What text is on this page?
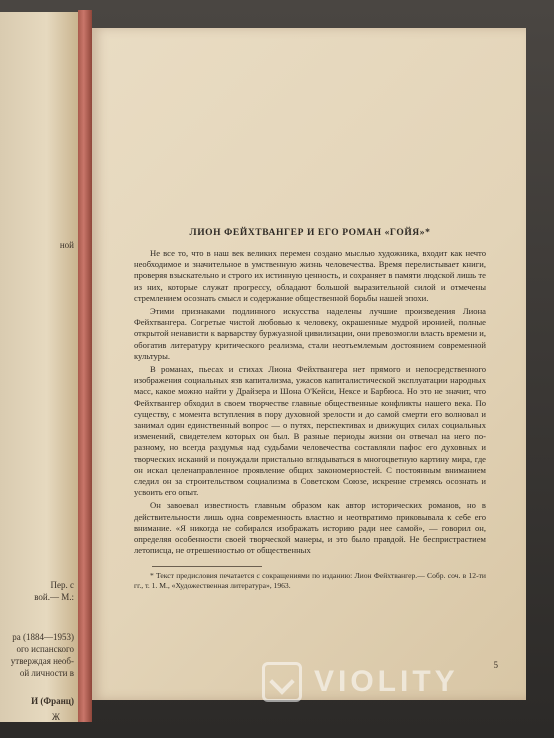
ной
Пер. с
вой.— М.:
ра (1884—1953)
ого испанского
утверждая необ-
ой личности в
И (Франц)
Ж
ЛИОН ФЕЙХТВАНГЕР И ЕГО РОМАН «ГОЙЯ»*

Не все то, что в наш век великих перемен создано мыслью художника, входит как нечто необходимое и значительное в умственную жизнь человечества. Время перелистывает книги, проверяя взыскательно и строго их истинную ценность, и сохраняет в памяти людской лишь те из них, которые служат прогрессу, обладают большой выразительной силой и отмечены стремлением осознать смысл и содержание общественной борьбы нашей эпохи.

Этими признаками подлинного искусства наделены лучшие произведения Лиона Фейхтвангера. Согретые чистой любовью к человеку, окрашенные мудрой иронией, полные открытой ненависти к варварству буржуазной цивилизации, они превозмогли власть времени и, обогатив литературу критического реализма, стали неотъемлемым достоянием современной культуры.

В романах, пьесах и стихах Лиона Фейхтвангера нет прямого и непосредственного изображения социальных язв капитализма, ужасов капиталистической эксплуатации народных масс, какое можно найти у Драйзера и Шона О'Кейси, Нексе и Барбюса. Но это не значит, что Фейхтвангер обходил в своем творчестве главные общественные конфликты нашего века. По существу, с момента вступления в пору духовной зрелости и до самой смерти его волновал и занимал один единственный вопрос — о путях, перспективах и движущих силах социальных изменений, свидетелем которых он был. В разные периоды жизни он отвечал на него по-разному, но всегда раздумья над судьбами человечества составляли пафос его духовных и творческих исканий и понуждали пристально вглядываться в многоцветную картину мира, где он искал целенаправленное проявление общих закономерностей. С постоянным вниманием следил он за строительством социализма в Советском Союзе, искренне стремясь осознать и усвоить его опыт.

Он завоевал известность главным образом как автор исторических романов, но в действительности лишь одна современность властно и неотвратимо приковывала к себе его внимание. «Я никогда не собирался изображать историю ради нее самой», — говорил он, определяя особенности своей творческой манеры, и это было правдой. Не беспристрастием летописца, не отрешенностью от общественных

* Текст предисловия печатается с сокращениями по изданию: Лион Фейхтвангер.— Собр. соч. в 12-ти гг., т. 1. М., «Художественная литература», 1963.

5
VIOLITY
